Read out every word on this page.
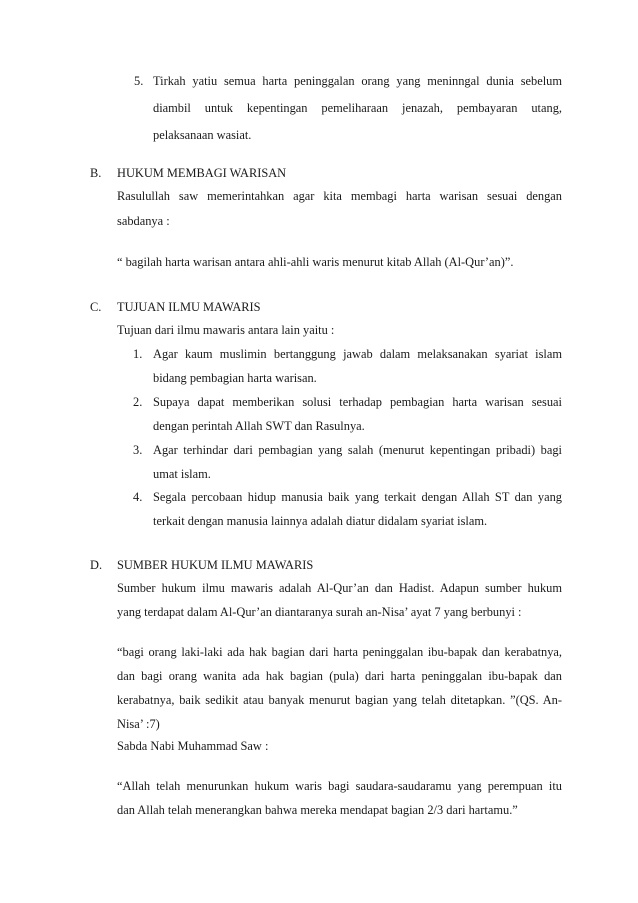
5. Tirkah yatiu semua harta peninggalan orang yang meninngal dunia sebelum
diambil untuk kepentingan pemeliharaan jenazah, pembayaran utang,
pelaksanaan wasiat.
B. HUKUM MEMBAGI WARISAN
Rasulullah saw memerintahkan agar kita membagi harta warisan sesuai dengan
sabdanya :
“ bagilah harta warisan antara ahli-ahli waris menurut kitab Allah (Al-Qur’an)”.
C. TUJUAN ILMU MAWARIS
Tujuan dari ilmu mawaris antara lain yaitu :
1. Agar kaum muslimin bertanggung jawab dalam melaksanakan syariat islam
bidang pembagian harta warisan.
2. Supaya dapat memberikan solusi terhadap pembagian harta warisan sesuai
dengan perintah Allah SWT dan Rasulnya.
3. Agar terhindar dari pembagian yang salah (menurut kepentingan pribadi) bagi
umat islam.
4. Segala percobaan hidup manusia baik yang terkait dengan Allah ST dan yang
terkait dengan manusia lainnya adalah diatur didalam syariat islam.
D. SUMBER HUKUM ILMU MAWARIS
Sumber hukum ilmu mawaris adalah Al-Qur’an dan Hadist. Adapun sumber hukum
yang terdapat dalam Al-Qur’an diantaranya surah an-Nisa’ ayat 7 yang berbunyi :
“bagi orang laki-laki ada hak bagian dari harta peninggalan ibu-bapak dan kerabatnya,
dan bagi orang wanita ada hak bagian (pula) dari harta peninggalan ibu-bapak dan
kerabatnya, baik sedikit atau banyak menurut bagian yang telah ditetapkan. ”(QS. An-
Nisa’ :7)
Sabda Nabi Muhammad Saw :
“Allah telah menurunkan hukum waris bagi saudara-saudaramu yang perempuan itu
dan Allah telah menerangkan bahwa mereka mendapat bagian 2/3 dari hartamu.”
